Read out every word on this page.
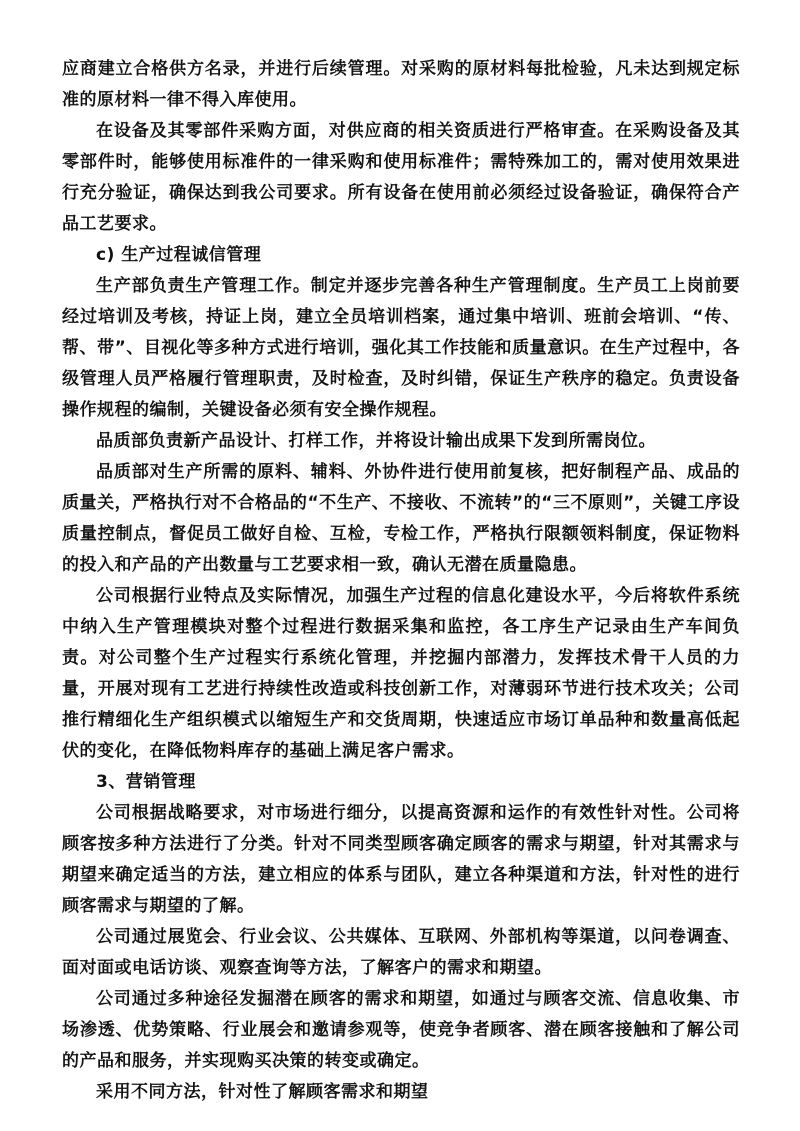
应商建立合格供方名录，并进行后续管理。对采购的原材料每批检验，凡未达到规定标准的原材料一律不得入库使用。

在设备及其零部件采购方面，对供应商的相关资质进行严格审查。在采购设备及其零部件时，能够使用标准件的一律采购和使用标准件；需特殊加工的，需对使用效果进行充分验证，确保达到我公司要求。所有设备在使用前必须经过设备验证，确保符合产品工艺要求。

c) 生产过程诚信管理

生产部负责生产管理工作。制定并逐步完善各种生产管理制度。生产员工上岗前要经过培训及考核，持证上岗，建立全员培训档案，通过集中培训、班前会培训、“传、帮、带”、目视化等多种方式进行培训，强化其工作技能和质量意识。在生产过程中，各级管理人员严格履行管理职责，及时检查，及时纠错，保证生产秩序的稳定。负责设备操作规程的编制，关键设备必须有安全操作规程。

品质部负责新产品设计、打样工作，并将设计输出成果下发到所需岗位。

品质部对生产所需的原料、辅料、外协件进行使用前复核，把好制程产品、成品的质量关，严格执行对不合格品的“不生产、不接收、不流转”的“三不原则”，关键工序设质量控制点，督促员工做好自检、互检，专检工作，严格执行限额领料制度，保证物料的投入和产品的产出数量与工艺要求相一致，确认无潜在质量隐患。

公司根据行业特点及实际情况，加强生产过程的信息化建设水平，今后将软件系统中纳入生产管理模块对整个过程进行数据采集和监控，各工序生产记录由生产车间负责。对公司整个生产过程实行系统化管理，并挖掘内部潜力，发挥技术骨干人员的力量，开展对现有工艺进行持续性改造或科技创新工作，对薄弱环节进行技术攻关；公司推行精细化生产组织模式以缩短生产和交货周期，快速适应市场订单品种和数量高低起伏的变化，在降低物料库存的基础上满足客户需求。

3、营销管理

公司根据战略要求，对市场进行细分，以提高资源和运作的有效性针对性。公司将顾客按多种方法进行了分类。针对不同类型顾客确定顾客的需求与期望，针对其需求与期望来确定适当的方法，建立相应的体系与团队，建立各种渠道和方法，针对性的进行顾客需求与期望的了解。

公司通过展览会、行业会议、公共媒体、互联网、外部机构等渠道，以问卷调查、面对面或电话访谈、观察查询等方法，了解客户的需求和期望。

公司通过多种途径发掘潜在顾客的需求和期望，如通过与顾客交流、信息收集、市场渗透、优势策略、行业展会和邀请参观等，使竞争者顾客、潜在顾客接触和了解公司的产品和服务，并实现购买决策的转变或确定。

采用不同方法，针对性了解顾客需求和期望
